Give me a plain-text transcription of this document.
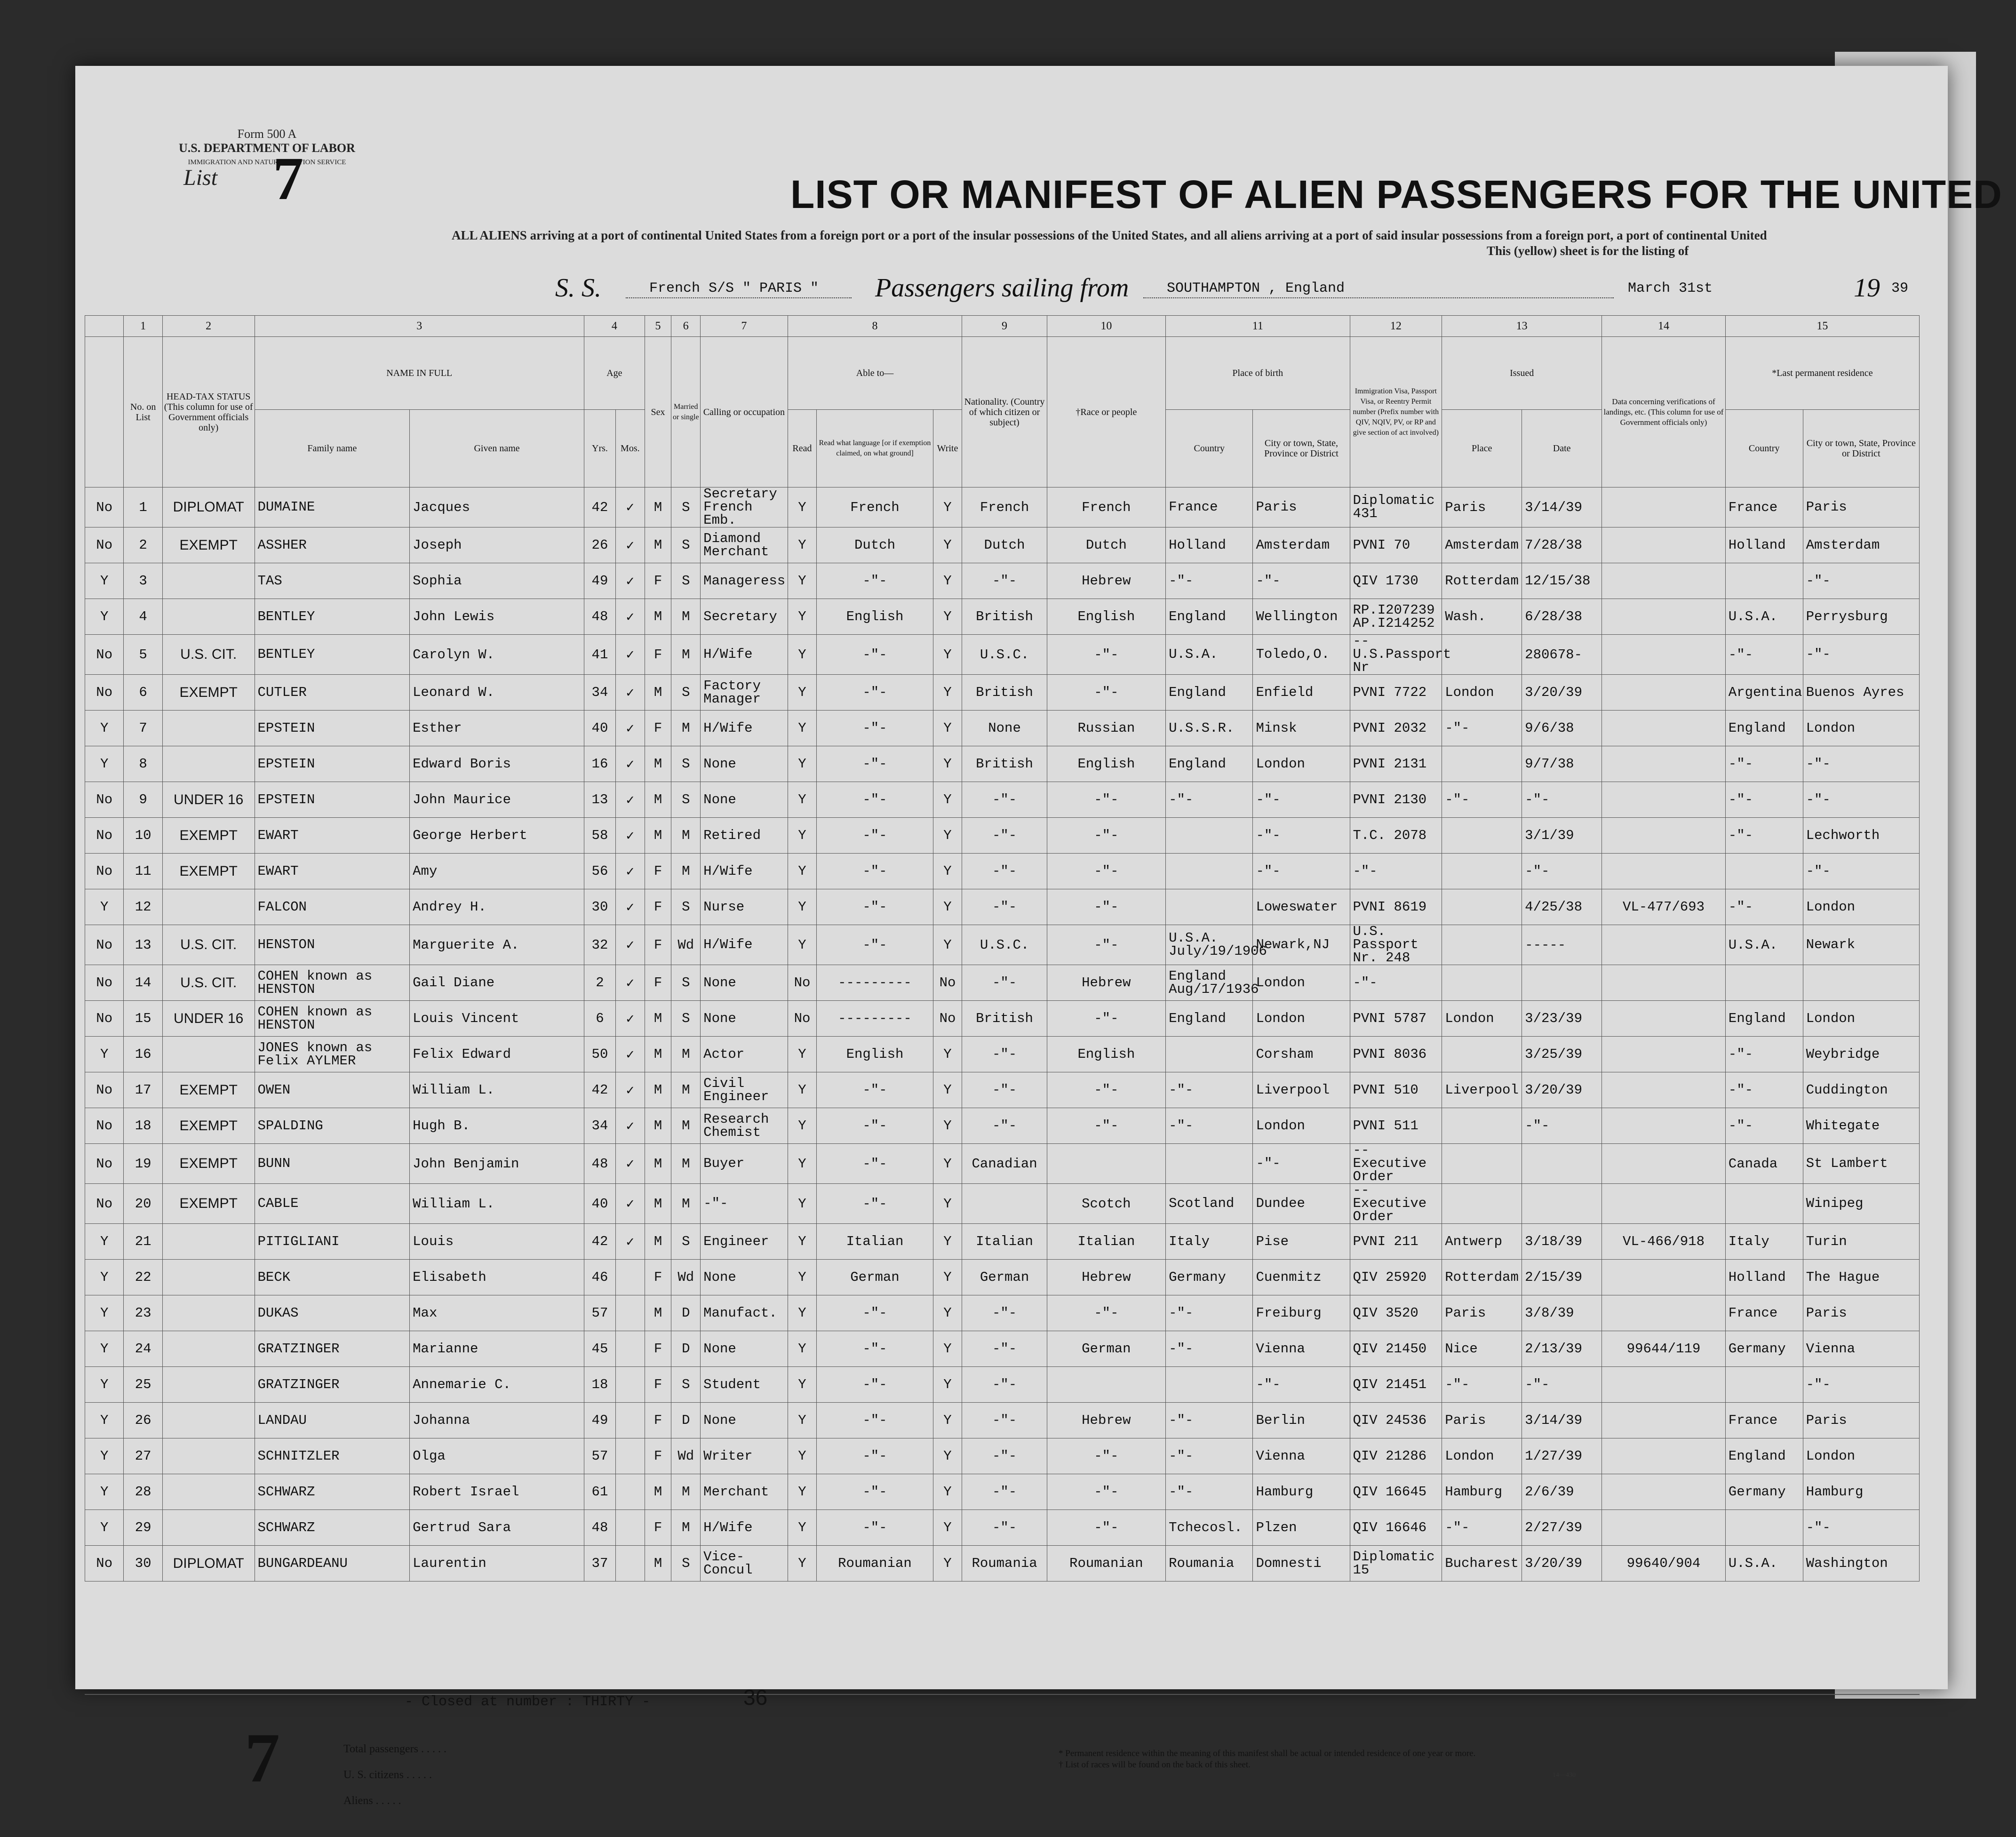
Form 500 A
U.S. DEPARTMENT OF LABOR
IMMIGRATION AND NATURALIZATION SERVICE
List 7	LIST OR MANIFEST OF ALIEN PASSENGERS FOR THE UNITED
ALL ALIENS arriving at a port of continental United States from a foreign port or a port of the insular possessions of the United States, and all aliens arriving at a port of said insular possessions from a foreign port, a port of continental United
This (yellow) sheet is for the listing of
S. S.	French S/S " PARIS " Passengers sailing from	SOUTHAMPTON , England	March 31st	19 39
	1	2	3		4		5	6	7	8			9	10	11		12	13		14	15	
	No. on List	HEAD-TAX STATUS (This column for use of Government officials only)	NAME IN FULL		Age		Sex	Married or single	Calling or occupation	Able to—			Nationality. (Country of which citizen or subject)	†Race or people	Place of birth		Immigration Visa, Passport Visa, or Reentry Permit number (Prefix number with QIV, NQIV, PV, or RP and give section of act involved)	Issued		Data concerning verifications of landings, etc. (This column for use of Government officials only)	*Last permanent residence	
			Family name	Given name	Yrs.	Mos.				Read	Read what language [or if exemption claimed, on what ground]	Write			Country	City or town, State, Province or District		Place	Date		Country	City or town, State, Province or District
No	1	DIPLOMAT	DUMAINE	Jacques	42	✓	M	S	Secretary French Emb.	Y	French	Y	French	French	France	Paris	Diplomatic 431	Paris	3/14/39		France	Paris
No	2	EXEMPT	ASSHER	Joseph	26	✓	M	S	Diamond Merchant	Y	Dutch	Y	Dutch	Dutch	Holland	Amsterdam	PVNI 70	Amsterdam	7/28/38		Holland	Amsterdam
Y	3		TAS	Sophia	49	✓	F	S	Manageress	Y	-"-	Y	-"-	Hebrew	-"-	-"-	QIV 1730	Rotterdam	12/15/38			-"-
Y	4		BENTLEY	John Lewis	48	✓	M	M	Secretary	Y	English	Y	British	English	England	Wellington	RP.I207239 AP.I214252	Wash.	6/28/38		U.S.A.	Perrysburg
No	5	U.S. CIT.	BENTLEY	Carolyn W.	41	✓	F	M	H/Wife	Y	-"-	Y	U.S.C.	-"-	U.S.A.	Toledo,O.	-- U.S.Passport Nr		280678-		-"-	-"-
No	6	EXEMPT	CUTLER	Leonard W.	34	✓	M	S	Factory Manager	Y	-"-	Y	British	-"-	England	Enfield	PVNI 7722	London	3/20/39		Argentina	Buenos Ayres
Y	7		EPSTEIN	Esther	40	✓	F	M	H/Wife	Y	-"-	Y	None	Russian	U.S.S.R.	Minsk	PVNI 2032	-"-	9/6/38		England	London
Y	8		EPSTEIN	Edward Boris	16	✓	M	S	None	Y	-"-	Y	British	English	England	London	PVNI 2131		9/7/38		-"-	-"-
No	9	UNDER 16	EPSTEIN	John Maurice	13	✓	M	S	None	Y	-"-	Y	-"-	-"-	-"-	-"-	PVNI 2130	-"-	-"-		-"-	-"-
No	10	EXEMPT	EWART	George Herbert	58	✓	M	M	Retired	Y	-"-	Y	-"-	-"-		-"-	T.C. 2078		3/1/39		-"-	Lechworth
No	11	EXEMPT	EWART	Amy	56	✓	F	M	H/Wife	Y	-"-	Y	-"-	-"-		-"-	-"-		-"-			-"-
Y	12		FALCON	Andrey H.	30	✓	F	S	Nurse	Y	-"-	Y	-"-	-"-		Loweswater	PVNI 8619		4/25/38	VL-477/693	-"-	London
No	13	U.S. CIT.	HENSTON	Marguerite A.	32	✓	F	Wd	H/Wife	Y	-"-	Y	U.S.C.	-"-	U.S.A. July/19/1906	Newark,NJ	U.S. Passport Nr. 248		-----		U.S.A.	Newark
No	14	U.S. CIT.	COHEN known as HENSTON	Gail Diane	2	✓	F	S	None	No	---------	No	-"-	Hebrew	England Aug/17/1936	London	-"-					
No	15	UNDER 16	COHEN known as HENSTON	Louis Vincent	6	✓	M	S	None	No	---------	No	British	-"-	England	London	PVNI 5787	London	3/23/39		England	London
Y	16		JONES known as Felix AYLMER	Felix Edward	50	✓	M	M	Actor	Y	English	Y	-"-	English		Corsham	PVNI 8036		3/25/39		-"-	Weybridge
No	17	EXEMPT	OWEN	William L.	42	✓	M	M	Civil Engineer	Y	-"-	Y	-"-	-"-	-"-	Liverpool	PVNI 510	Liverpool	3/20/39		-"-	Cuddington
No	18	EXEMPT	SPALDING	Hugh B.	34	✓	M	M	Research Chemist	Y	-"-	Y	-"-	-"-	-"-	London	PVNI 511		-"-		-"-	Whitegate
No	19	EXEMPT	BUNN	John Benjamin	48	✓	M	M	Buyer	Y	-"-	Y	Canadian			-"-	-- Executive Order				Canada	St Lambert
No	20	EXEMPT	CABLE	William L.	40	✓	M	M	-"-	Y	-"-	Y		Scotch	Scotland	Dundee	-- Executive Order					Winipeg
Y	21		PITIGLIANI	Louis	42	✓	M	S	Engineer	Y	Italian	Y	Italian	Italian	Italy	Pise	PVNI 211	Antwerp	3/18/39	VL-466/918	Italy	Turin
Y	22		BECK	Elisabeth	46		F	Wd	None	Y	German	Y	German	Hebrew	Germany	Cuenmitz	QIV 25920	Rotterdam	2/15/39		Holland	The Hague
Y	23		DUKAS	Max	57		M	D	Manufact.	Y	-"-	Y	-"-	-"-	-"-	Freiburg	QIV 3520	Paris	3/8/39		France	Paris
Y	24		GRATZINGER	Marianne	45		F	D	None	Y	-"-	Y	-"-	German	-"-	Vienna	QIV 21450	Nice	2/13/39	99644/119	Germany	Vienna
Y	25		GRATZINGER	Annemarie C.	18		F	S	Student	Y	-"-	Y	-"-			-"-	QIV 21451	-"-	-"-			-"-
Y	26		LANDAU	Johanna	49		F	D	None	Y	-"-	Y	-"-	Hebrew	-"-	Berlin	QIV 24536	Paris	3/14/39		France	Paris
Y	27		SCHNITZLER	Olga	57		F	Wd	Writer	Y	-"-	Y	-"-	-"-	-"-	Vienna	QIV 21286	London	1/27/39		England	London
Y	28		SCHWARZ	Robert Israel	61		M	M	Merchant	Y	-"-	Y	-"-	-"-	-"-	Hamburg	QIV 16645	Hamburg	2/6/39		Germany	Hamburg
Y	29		SCHWARZ	Gertrud Sara	48		F	M	H/Wife	Y	-"-	Y	-"-	-"-	Tchecosl.	Plzen	QIV 16646	-"-	2/27/39			-"-
No	30	DIPLOMAT	BUNGARDEANU	Laurentin	37		M	S	Vice-Concul	Y	Roumanian	Y	Roumania	Roumanian	Roumania	Domnesti	Diplomatic 15	Bucharest	3/20/39	99640/904	U.S.A.	Washington
- Closed at number : THIRTY -	36
7	Total passengers . . . . .
U. S. citizens . . . . .
Aliens . . . . .
* Permanent residence within the meaning of this manifest shall be actual or intended residence of one year or more.
† List of races will be found on the back of this sheet.
14—430
